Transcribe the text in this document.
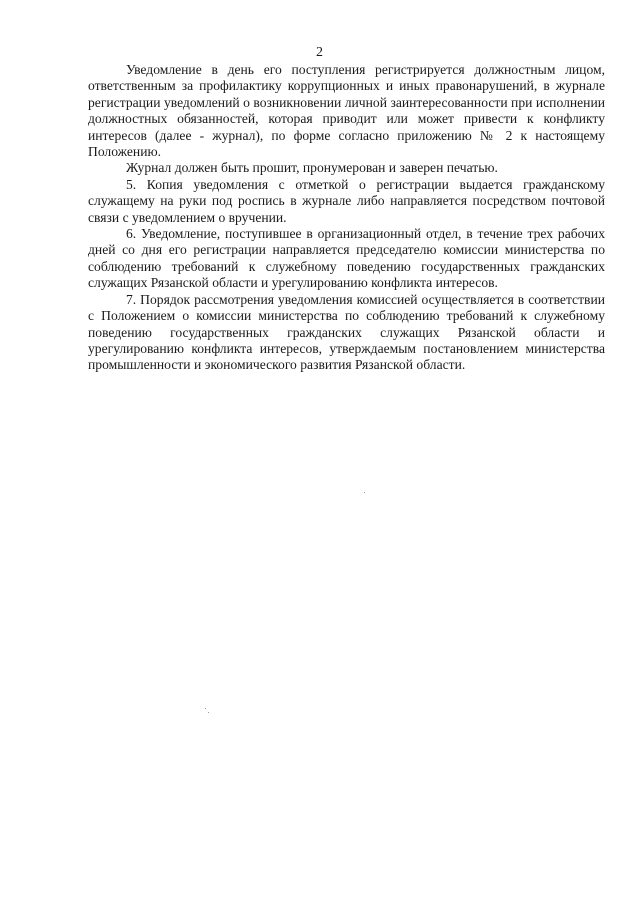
2

Уведомление в день его поступления регистрируется должностным лицом, ответственным за профилактику коррупционных и иных правонарушений, в журнале регистрации уведомлений о возникновении личной заинтересованности при исполнении должностных обязанностей, которая приводит или может привести к конфликту интересов (далее - журнал), по форме согласно приложению № 2 к настоящему Положению.

Журнал должен быть прошит, пронумерован и заверен печатью.

5. Копия уведомления с отметкой о регистрации выдается гражданскому служащему на руки под роспись в журнале либо направляется посредством почтовой связи с уведомлением о вручении.

6. Уведомление, поступившее в организационный отдел, в течение трех рабочих дней со дня его регистрации направляется председателю комиссии министерства по соблюдению требований к служебному поведению государственных гражданских служащих Рязанской области и урегулированию конфликта интересов.

7. Порядок рассмотрения уведомления комиссией осуществляется в соответствии с Положением о комиссии министерства по соблюдению требований к служебному поведению государственных гражданских служащих Рязанской области и урегулированию конфликта интересов, утверждаемым постановлением министерства промышленности и экономического развития Рязанской области.
